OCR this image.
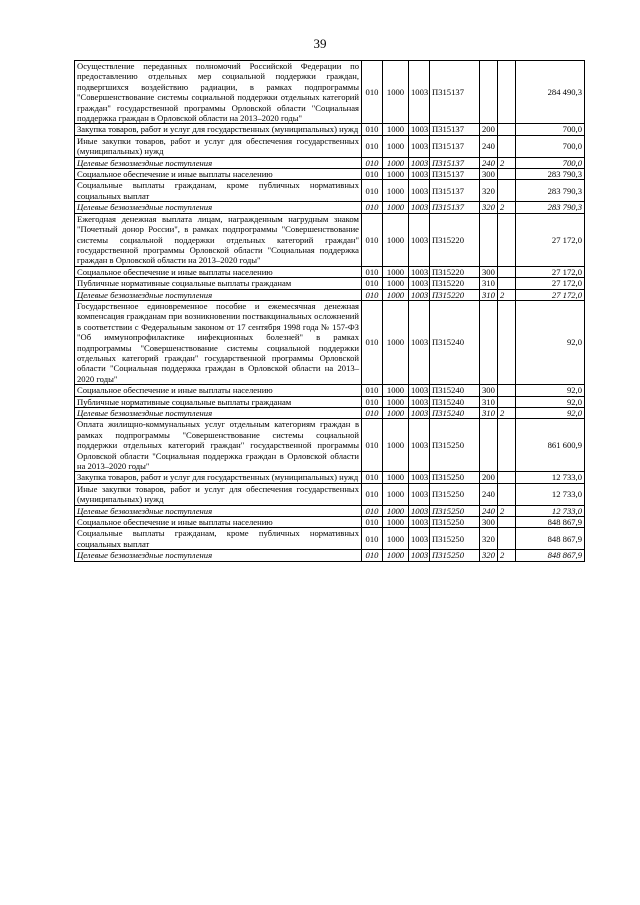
39
Осуществление переданных полномочий Российской Федерации по предоставлению отдельных мер социальной поддержки граждан, подвергшихся воздействию радиации, в рамках подпрограммы "Совершенствование системы социальной поддержки отдельных категорий граждан" государственной программы Орловской области "Социальная поддержка граждан в Орловской области на 2013–2020 годы"	010	1000	1003	П315137			284 490,3
Закупка товаров, работ и услуг для государственных (муниципальных) нужд	010	1000	1003	П315137	200		700,0
Иные закупки товаров, работ и услуг для обеспечения государственных (муниципальных) нужд	010	1000	1003	П315137	240		700,0
Целевые безвозмездные поступления	010	1000	1003	П315137	240	2	700,0
Социальное обеспечение и иные выплаты населению	010	1000	1003	П315137	300		283 790,3
Социальные выплаты гражданам, кроме публичных нормативных социальных выплат	010	1000	1003	П315137	320		283 790,3
Целевые безвозмездные поступления	010	1000	1003	П315137	320	2	283 790,3
Ежегодная денежная выплата лицам, награжденным нагрудным знаком "Почетный донор России", в рамках подпрограммы "Совершенствование системы социальной поддержки отдельных категорий граждан" государственной программы Орловской области "Социальная поддержка граждан в Орловской области на 2013–2020 годы"	010	1000	1003	П315220			27 172,0
Социальное обеспечение и иные выплаты населению	010	1000	1003	П315220	300		27 172,0
Публичные нормативные социальные выплаты гражданам	010	1000	1003	П315220	310		27 172,0
Целевые безвозмездные поступления	010	1000	1003	П315220	310	2	27 172,0
Государственное единовременное пособие и ежемесячная денежная компенсация гражданам при возникновении поствакцинальных осложнений в соответствии с Федеральным законом от 17 сентября 1998 года № 157-ФЗ "Об иммунопрофилактике инфекционных болезней" в рамках подпрограммы "Совершенствование системы социальной поддержки отдельных категорий граждан" государственной программы Орловской области "Социальная поддержка граждан в Орловской области на 2013–2020 годы"	010	1000	1003	П315240			92,0
Социальное обеспечение и иные выплаты населению	010	1000	1003	П315240	300		92,0
Публичные нормативные социальные выплаты гражданам	010	1000	1003	П315240	310		92,0
Целевые безвозмездные поступления	010	1000	1003	П315240	310	2	92,0
Оплата жилищно-коммунальных услуг отдельным категориям граждан в рамках подпрограммы "Совершенствование системы социальной поддержки отдельных категорий граждан" государственной программы Орловской области "Социальная поддержка граждан в Орловской области на 2013–2020 годы"	010	1000	1003	П315250			861 600,9
Закупка товаров, работ и услуг для государственных (муниципальных) нужд	010	1000	1003	П315250	200		12 733,0
Иные закупки товаров, работ и услуг для обеспечения государственных (муниципальных) нужд	010	1000	1003	П315250	240		12 733,0
Целевые безвозмездные поступления	010	1000	1003	П315250	240	2	12 733,0
Социальное обеспечение и иные выплаты населению	010	1000	1003	П315250	300		848 867,9
Социальные выплаты гражданам, кроме публичных нормативных социальных выплат	010	1000	1003	П315250	320		848 867,9
Целевые безвозмездные поступления	010	1000	1003	П315250	320	2	848 867,9
